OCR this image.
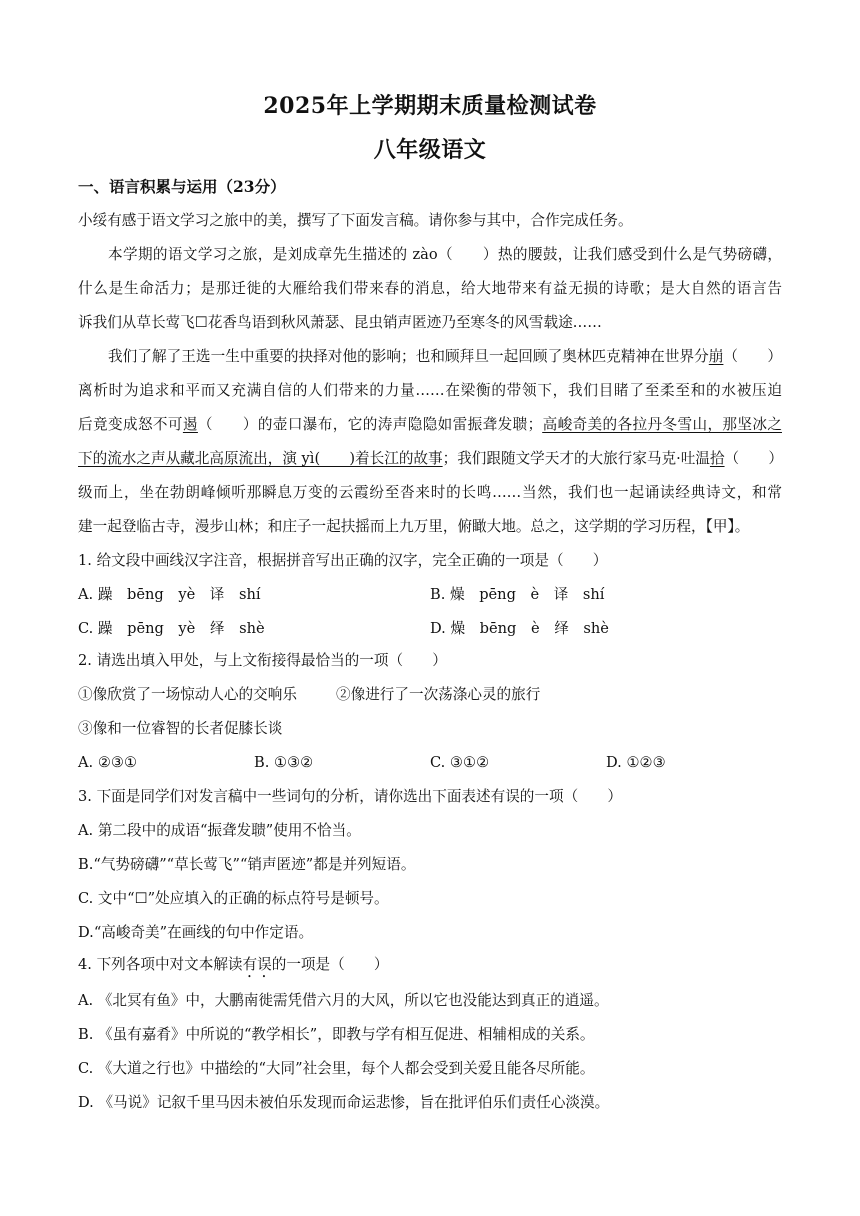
2025年上学期期末质量检测试卷
八年级语文
一、语言积累与运用（23分）
小绥有感于语文学习之旅中的美，撰写了下面发言稿。请你参与其中，合作完成任务。
本学期的语文学习之旅，是刘成章先生描述的 zào（　　）热的腰鼓，让我们感受到什么是气势磅礴，
什么是生命活力；是那迁徙的大雁给我们带来春的消息，给大地带来有益无损的诗歌；是大自然的语言告
诉我们从草长莺飞☐花香鸟语到秋风萧瑟、昆虫销声匿迹乃至寒冬的风雪载途……
我们了解了王选一生中重要的抉择对他的影响；也和顾拜旦一起回顾了奥林匹克精神在世界分崩（　　）
离析时为追求和平而又充满自信的人们带来的力量……在梁衡的带领下，我们目睹了至柔至和的水被压迫
后竟变成怒不可遏（　　）的壶口瀑布，它的涛声隐隐如雷振聋发聩；高峻奇美的各拉丹冬雪山，那坚冰之
下的流水之声从藏北高原流出，演 yì(　　)着长江的故事；我们跟随文学天才的大旅行家马克·吐温拾（　　）
级而上，坐在勃朗峰倾听那瞬息万变的云霞纷至沓来时的长鸣……当然，我们也一起诵读经典诗文，和常
建一起登临古寺，漫步山林；和庄子一起扶摇而上九万里，俯瞰大地。总之，这学期的学习历程，【甲】。
1. 给文段中画线汉字注音，根据拼音写出正确的汉字，完全正确的一项是（　　）
A. 躁　bēng　yè　译　shí	B. 燥　pēng　è　译　shí
C. 躁　pēng　yè　绎　shè	D. 燥　bēng　è　绎　shè
2. 请选出填入甲处，与上文衔接得最恰当的一项（　　）
①像欣赏了一场惊动人心的交响乐	②像进行了一次荡涤心灵的旅行
③像和一位睿智的长者促膝长谈
A. ②③①	B. ①③②	C. ③①②	D. ①②③
3. 下面是同学们对发言稿中一些词句的分析，请你选出下面表述有误的一项（　　）
A. 第二段中的成语“振聋发聩”使用不恰当。
B.“气势磅礴”“草长莺飞”“销声匿迹”都是并列短语。
C. 文中“☐”处应填入的正确的标点符号是顿号。
D.“高峻奇美”在画线的句中作定语。
4. 下列各项中对文本解读有误的一项是（　　）
A. 《北冥有鱼》中，大鹏南徙需凭借六月的大风，所以它也没能达到真正的逍遥。
B. 《虽有嘉肴》中所说的“教学相长”，即教与学有相互促进、相辅相成的关系。
C. 《大道之行也》中描绘的“大同”社会里，每个人都会受到关爱且能各尽所能。
D. 《马说》记叙千里马因未被伯乐发现而命运悲惨，旨在批评伯乐们责任心淡漠。
